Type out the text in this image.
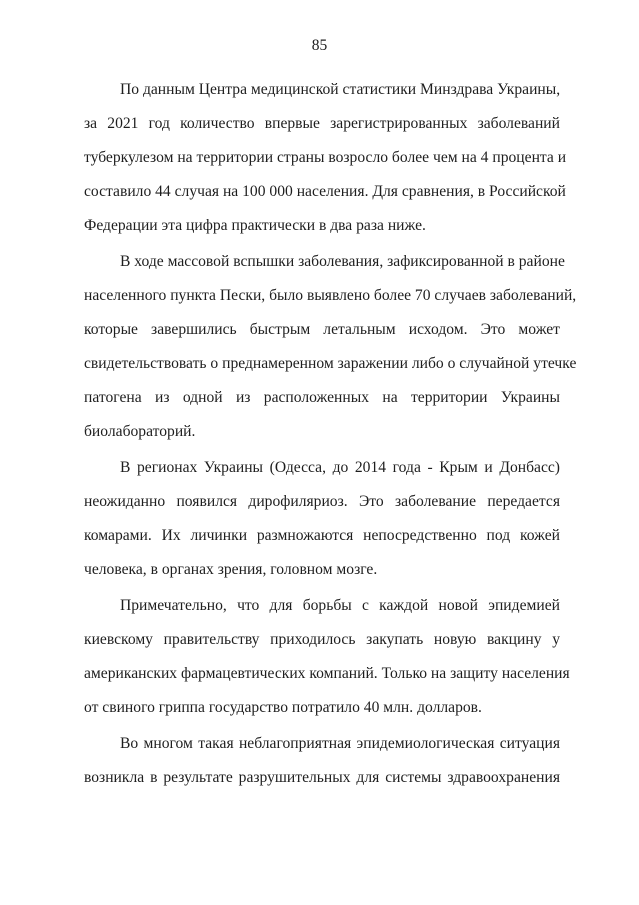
85
По данным Центра медицинской статистики Минздрава Украины,
за 2021 год количество впервые зарегистрированных заболеваний
туберкулезом на территории страны возросло более чем на 4 процента и
составило 44 случая на 100 000 населения. Для сравнения, в Российской
Федерации эта цифра практически в два раза ниже.
В ходе массовой вспышки заболевания, зафиксированной в районе
населенного пункта Пески, было выявлено более 70 случаев заболеваний,
которые завершились быстрым летальным исходом. Это может
свидетельствовать о преднамеренном заражении либо о случайной утечке
патогена из одной из расположенных на территории Украины
биолабораторий.
В регионах Украины (Одесса, до 2014 года - Крым и Донбасс)
неожиданно появился дирофиляриоз. Это заболевание передается
комарами. Их личинки размножаются непосредственно под кожей
человека, в органах зрения, головном мозге.
Примечательно, что для борьбы с каждой новой эпидемией
киевскому правительству приходилось закупать новую вакцину у
американских фармацевтических компаний. Только на защиту населения
от свиного гриппа государство потратило 40 млн. долларов.
Во многом такая неблагоприятная эпидемиологическая ситуация
возникла в результате разрушительных для системы здравоохранения
